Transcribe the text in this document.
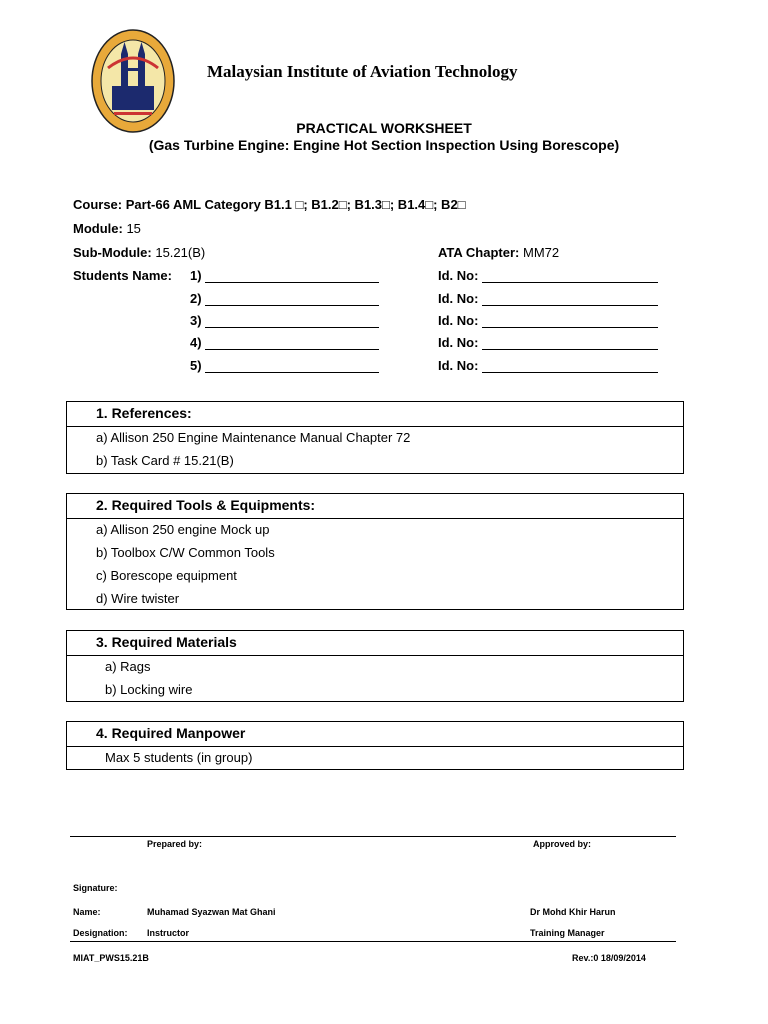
Malaysian Institute of Aviation Technology
PRACTICAL WORKSHEET
(Gas Turbine Engine: Engine Hot Section Inspection Using Borescope)
Course: Part-66 AML Category B1.1 □; B1.2□; B1.3□; B1.4□; B2□
Module: 15
Sub-Module: 15.21(B)	ATA Chapter: MM72
Students Name: 1)	Id. No:
2)	Id. No:
3)	Id. No:
4)	Id. No:
5)	Id. No:
1. References:
a) Allison 250 Engine Maintenance Manual Chapter 72
b) Task Card # 15.21(B)
2. Required Tools & Equipments:
a) Allison 250 engine Mock up
b) Toolbox C/W Common Tools
c) Borescope equipment
d) Wire twister
3. Required Materials
a) Rags
b) Locking wire
4. Required Manpower
Max 5 students (in group)
Prepared by:	Approved by:
Signature:
Name:	Muhamad Syazwan Mat Ghani	Dr Mohd Khir Harun
Designation: Instructor	Training Manager
MIAT_PWS15.21B	Rev.:0 18/09/2014
